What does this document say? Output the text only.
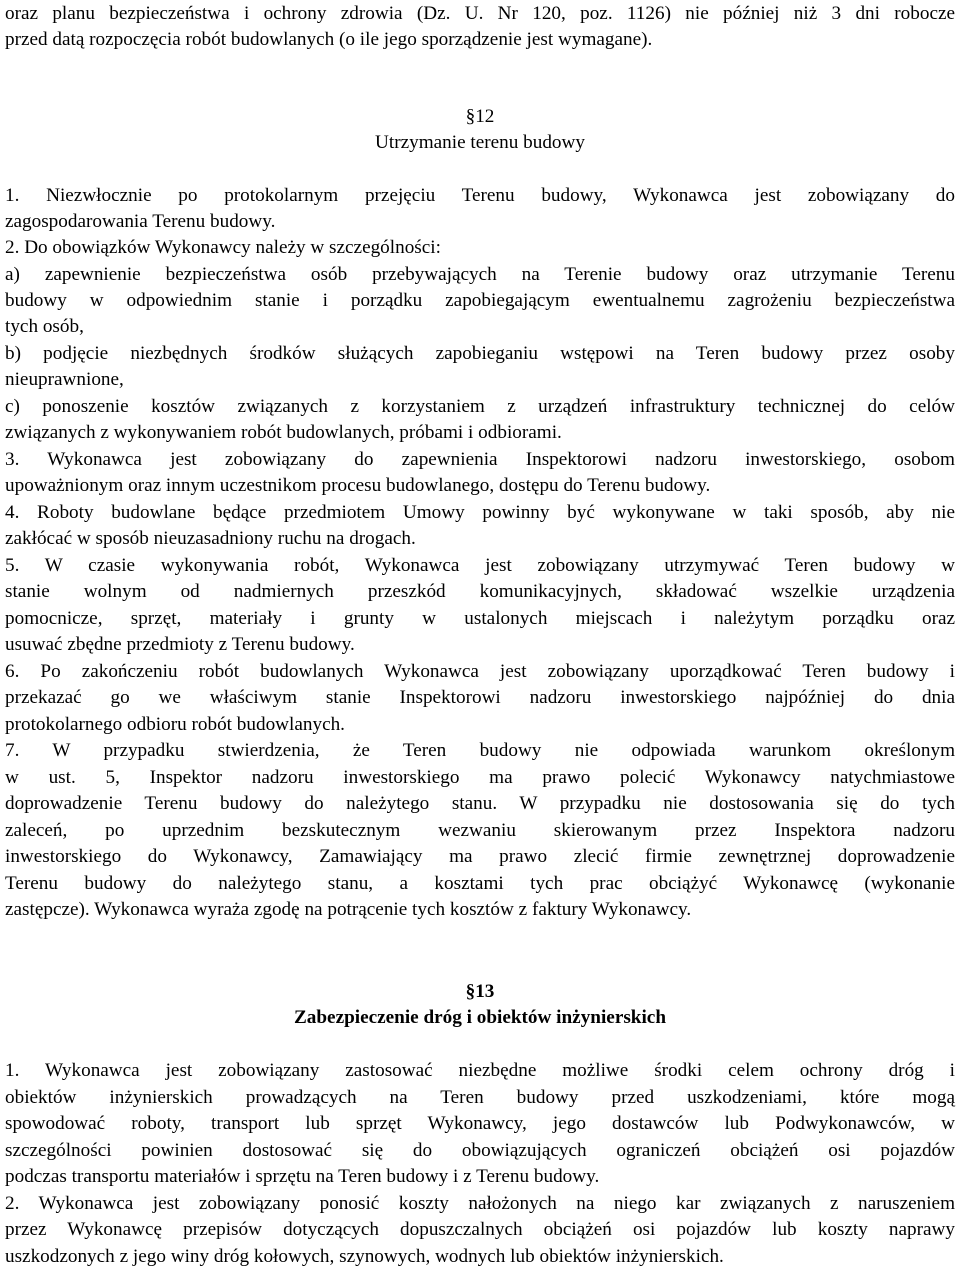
oraz planu bezpieczeństwa i ochrony zdrowia (Dz. U. Nr 120, poz. 1126) nie później niż 3 dni robocze
przed datą rozpoczęcia robót budowlanych (o ile jego sporządzenie jest wymagane).
§12
Utrzymanie terenu budowy
1. Niezwłocznie po protokolarnym przejęciu Terenu budowy, Wykonawca jest zobowiązany do
zagospodarowania Terenu budowy.
2. Do obowiązków Wykonawcy należy w szczególności:
a) zapewnienie bezpieczeństwa osób przebywających na Terenie budowy oraz utrzymanie Terenu
budowy w odpowiednim stanie i porządku zapobiegającym ewentualnemu zagrożeniu bezpieczeństwa
tych osób,
b) podjęcie niezbędnych środków służących zapobieganiu wstępowi na Teren budowy przez osoby
nieuprawnione,
c) ponoszenie kosztów związanych z korzystaniem z urządzeń infrastruktury technicznej do celów
związanych z wykonywaniem robót budowlanych, próbami i odbiorami.
3. Wykonawca jest zobowiązany do zapewnienia Inspektorowi nadzoru inwestorskiego, osobom
upoważnionym oraz innym uczestnikom procesu budowlanego, dostępu do Terenu budowy.
4. Roboty budowlane będące przedmiotem Umowy powinny być wykonywane w taki sposób, aby nie
zakłócać w sposób nieuzasadniony ruchu na drogach.
5. W czasie wykonywania robót, Wykonawca jest zobowiązany utrzymywać Teren budowy w
stanie wolnym od nadmiernych przeszkód komunikacyjnych, składować wszelkie urządzenia
pomocnicze, sprzęt, materiały i grunty w ustalonych miejscach i należytym porządku oraz
usuwać zbędne przedmioty z Terenu budowy.
6. Po zakończeniu robót budowlanych Wykonawca jest zobowiązany uporządkować Teren budowy i
przekazać go we właściwym stanie Inspektorowi nadzoru inwestorskiego najpóźniej do dnia
protokolarnego odbioru robót budowlanych.
7. W przypadku stwierdzenia, że Teren budowy nie odpowiada warunkom określonym
w ust. 5, Inspektor nadzoru inwestorskiego ma prawo polecić Wykonawcy natychmiastowe
doprowadzenie Terenu budowy do należytego stanu. W przypadku nie dostosowania się do tych
zaleceń, po uprzednim bezskutecznym wezwaniu skierowanym przez Inspektora nadzoru
inwestorskiego do Wykonawcy, Zamawiający ma prawo zlecić firmie zewnętrznej doprowadzenie
Terenu budowy do należytego stanu, a kosztami tych prac obciążyć Wykonawcę (wykonanie
zastępcze). Wykonawca wyraża zgodę na potrącenie tych kosztów z faktury Wykonawcy.
§13
Zabezpieczenie dróg i obiektów inżynierskich
1. Wykonawca jest zobowiązany zastosować niezbędne możliwe środki celem ochrony dróg i
obiektów inżynierskich prowadzących na Teren budowy przed uszkodzeniami, które mogą
spowodować roboty, transport lub sprzęt Wykonawcy, jego dostawców lub Podwykonawców, w
szczególności powinien dostosować się do obowiązujących ograniczeń obciążeń osi pojazdów
podczas transportu materiałów i sprzętu na Teren budowy i z Terenu budowy.
2. Wykonawca jest zobowiązany ponosić koszty nałożonych na niego kar związanych z naruszeniem
przez Wykonawcę przepisów dotyczących dopuszczalnych obciążeń osi pojazdów lub koszty naprawy
uszkodzonych z jego winy dróg kołowych, szynowych, wodnych lub obiektów inżynierskich.
